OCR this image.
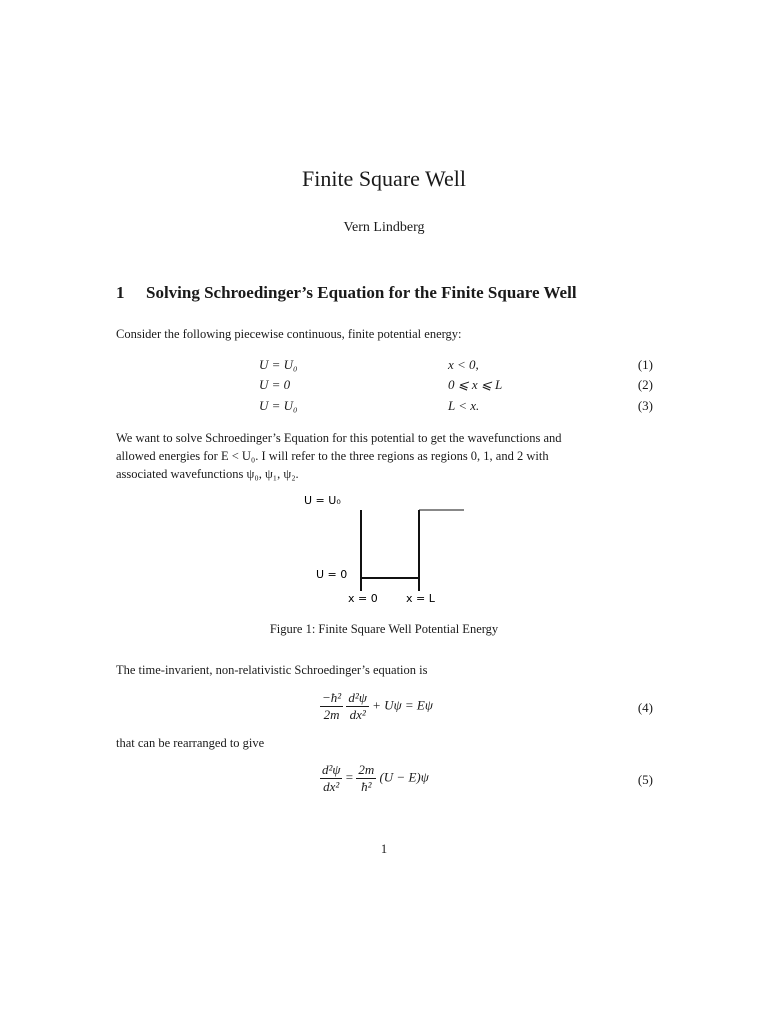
Finite Square Well
Vern Lindberg
1 Solving Schroedinger’s Equation for the Finite Square Well
Consider the following piecewise continuous, finite potential energy:
U = U₀	x < 0,	(1)
U = 0	0 ⩽ x ⩽ L	(2)
U = U₀	L < x.	(3)
We want to solve Schroedinger’s Equation for this potential to get the wavefunctions and
allowed energies for E < U₀. I will refer to the three regions as regions 0, 1, and 2 with
associated wavefunctions ψ₀, ψ₁, ψ₂.
U = U₀
U = 0
x = 0	x = L
Figure 1: Finite Square Well Potential Energy
The time-invarient, non-relativistic Schroedinger’s equation is
$\frac{\text{−ħ²}}{2m}$
$\frac{\text{d²ψ}}{\text{dx²}} + U\psi = E\psi$	(4)
that can be rearranged to give
$\frac{\text{d²ψ}}{\text{dx²}} = \frac{2m}{\text{ħ²}} (U - E)\psi$	(5)
1
